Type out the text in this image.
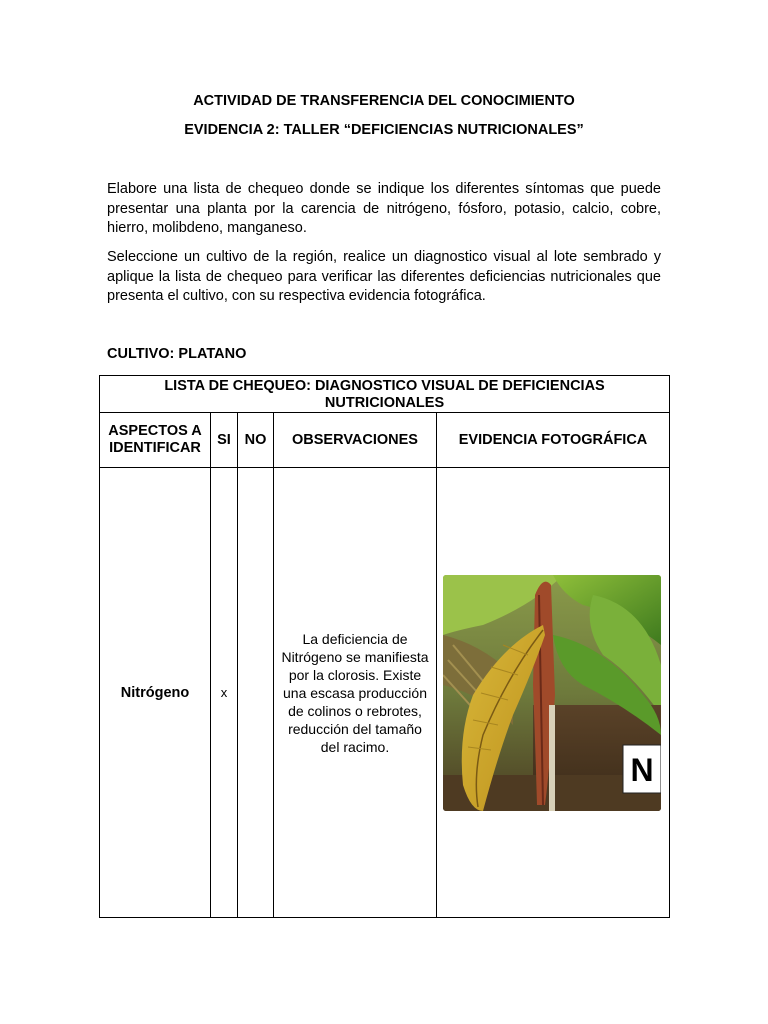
ACTIVIDAD DE TRANSFERENCIA DEL CONOCIMIENTO
EVIDENCIA 2: TALLER “DEFICIENCIAS NUTRICIONALES”
Elabore una lista de chequeo donde se indique los diferentes síntomas que puede presentar una planta por la carencia de nitrógeno, fósforo, potasio, calcio, cobre, hierro, molibdeno, manganeso.
Seleccione un cultivo de la región, realice un diagnostico visual al lote sembrado y aplique la lista de chequeo para verificar las diferentes deficiencias nutricionales que presenta el cultivo, con su respectiva evidencia fotográfica.
CULTIVO: PLATANO
LISTA DE CHEQUEO: DIAGNOSTICO VISUAL DE DEFICIENCIAS NUTRICIONALES				
ASPECTOS A IDENTIFICAR	SI	NO	OBSERVACIONES	EVIDENCIA FOTOGRÁFICA
Nitrógeno	x		La deficiencia de Nitrógeno se manifiesta por la clorosis. Existe una escasa producción de colinos o rebrotes, reducción del tamaño del racimo.	N
